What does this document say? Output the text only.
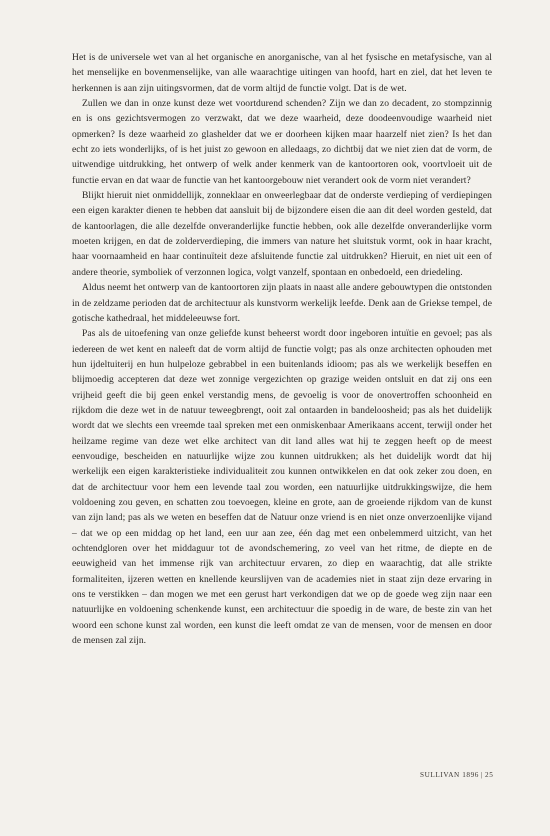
Het is de universele wet van al het organische en anorganische, van al het fysische en metafysische, van al het menselijke en bovenmenselijke, van alle waarachtige uitingen van hoofd, hart en ziel, dat het leven te herkennen is aan zijn uitingsvormen, dat de vorm altijd de functie volgt. Dat is de wet.

Zullen we dan in onze kunst deze wet voortdurend schenden? Zijn we dan zo decadent, zo stompzinnig en is ons gezichtsvermogen zo verzwakt, dat we deze waarheid, deze doodeenvoudige waarheid niet opmerken? Is deze waarheid zo glashelder dat we er doorheen kijken maar haarzelf niet zien? Is het dan echt zo iets wonderlijks, of is het juist zo gewoon en alledaags, zo dichtbij dat we niet zien dat de vorm, de uitwendige uitdrukking, het ontwerp of welk ander kenmerk van de kantoortoren ook, voortvloeit uit de functie ervan en dat waar de functie van het kantoorgebouw niet verandert ook de vorm niet verandert?

Blijkt hieruit niet onmiddellijk, zonneklaar en onweerlegbaar dat de onderste verdieping of verdiepingen een eigen karakter dienen te hebben dat aansluit bij de bijzondere eisen die aan dit deel worden gesteld, dat de kantoorlagen, die alle dezelfde onveranderlijke functie hebben, ook alle dezelfde onveranderlijke vorm moeten krijgen, en dat de zolderverdieping, die immers van nature het sluitstuk vormt, ook in haar kracht, haar voornaamheid en haar continuïteit deze afsluitende functie zal uitdrukken? Hieruit, en niet uit een of andere theorie, symboliek of verzonnen logica, volgt vanzelf, spontaan en onbedoeld, een driedeling.

Aldus neemt het ontwerp van de kantoortoren zijn plaats in naast alle andere gebouwtypen die ontstonden in de zeldzame perioden dat de architectuur als kunstvorm werkelijk leefde. Denk aan de Griekse tempel, de gotische kathedraal, het middeleeuwse fort.

Pas als de uitoefening van onze geliefde kunst beheerst wordt door ingeboren intuïtie en gevoel; pas als iedereen de wet kent en naleeft dat de vorm altijd de functie volgt; pas als onze architecten ophouden met hun ijdeltuiterij en hun hulpeloze gebrabbel in een buitenlands idioom; pas als we werkelijk beseffen en blijmoedig accepteren dat deze wet zonnige vergezichten op grazige weiden ontsluit en dat zij ons een vrijheid geeft die bij geen enkel verstandig mens, de gevoelig is voor de onovertroffen schoonheid en rijkdom die deze wet in de natuur teweegbrengt, ooit zal ontaarden in bandeloosheid; pas als het duidelijk wordt dat we slechts een vreemde taal spreken met een onmiskenbaar Amerikaans accent, terwijl onder het heilzame regime van deze wet elke architect van dit land alles wat hij te zeggen heeft op de meest eenvoudige, bescheiden en natuurlijke wijze zou kunnen uitdrukken; als het duidelijk wordt dat hij werkelijk een eigen karakteristieke individualiteit zou kunnen ontwikkelen en dat ook zeker zou doen, en dat de architectuur voor hem een levende taal zou worden, een natuurlijke uitdrukkingswijze, die hem voldoening zou geven, en schatten zou toevoegen, kleine en grote, aan de groeiende rijkdom van de kunst van zijn land; pas als we weten en beseffen dat de Natuur onze vriend is en niet onze onverzoenlijke vijand – dat we op een middag op het land, een uur aan zee, één dag met een onbelemmerd uitzicht, van het ochtendgloren over het middaguur tot de avondschemering, zo veel van het ritme, de diepte en de eeuwigheid van het immense rijk van architectuur ervaren, zo diep en waarachtig, dat alle strikte formaliteiten, ijzeren wetten en knellende keurslijven van de academies niet in staat zijn deze ervaring in ons te verstikken – dan mogen we met een gerust hart verkondigen dat we op de goede weg zijn naar een natuurlijke en voldoening schenkende kunst, een architectuur die spoedig in de ware, de beste zin van het woord een schone kunst zal worden, een kunst die leeft omdat ze van de mensen, voor de mensen en door de mensen zal zijn.

SULLIVAN 1896 | 25
